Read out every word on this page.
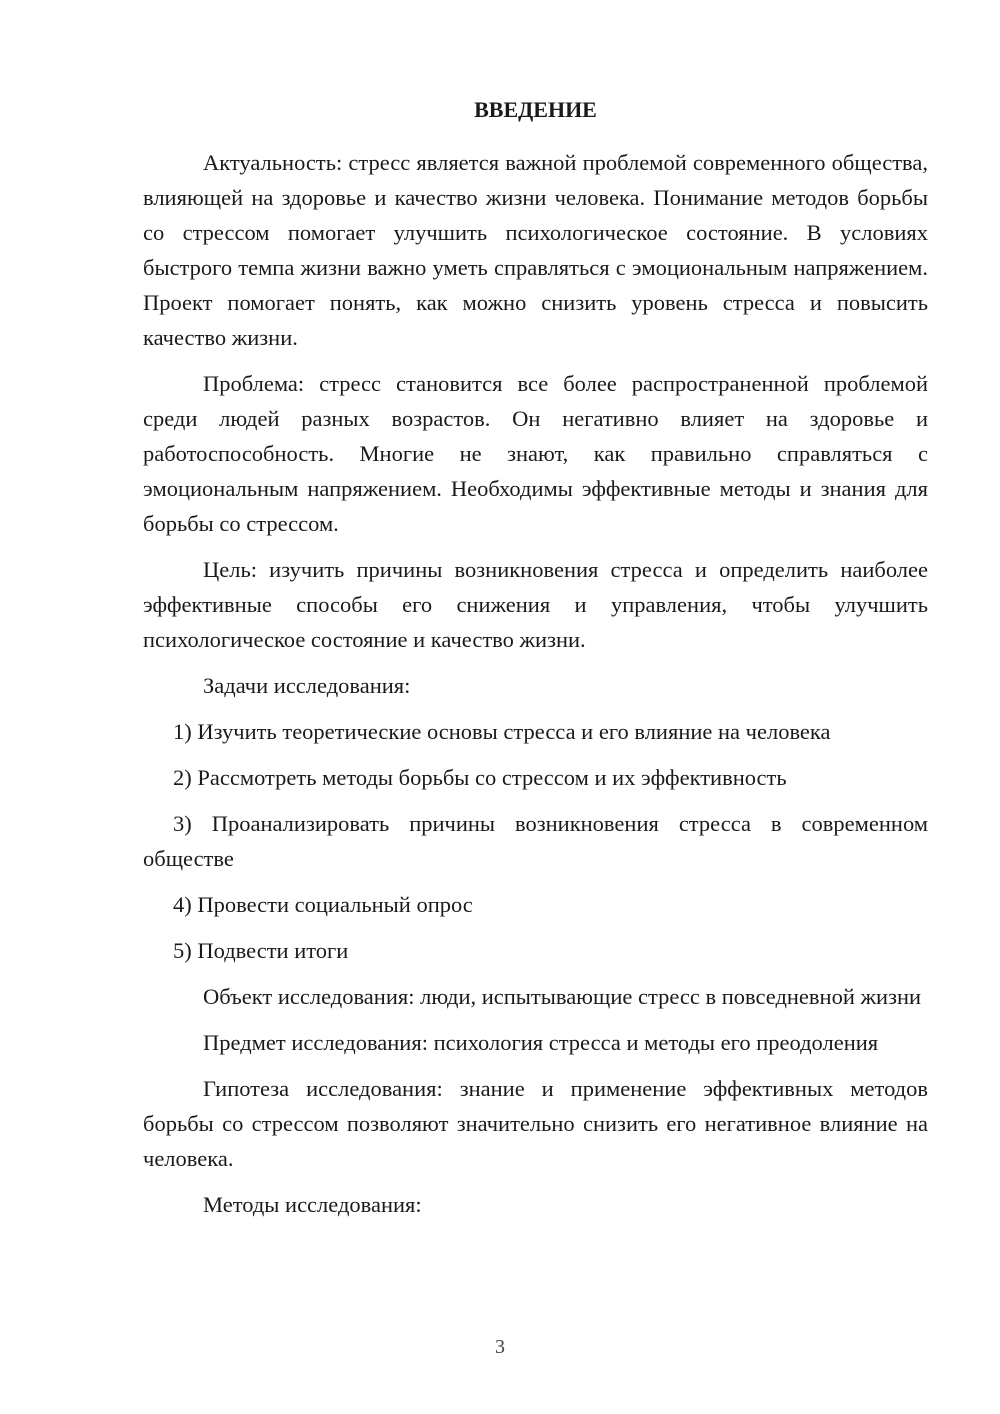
ВВЕДЕНИЕ

Актуальность: стресс является важной проблемой современного общества, влияющей на здоровье и качество жизни человека. Понимание методов борьбы со стрессом помогает улучшить психологическое состояние. В условиях быстрого темпа жизни важно уметь справляться с эмоциональным напряжением. Проект помогает понять, как можно снизить уровень стресса и повысить качество жизни.

Проблема: стресс становится все более распространенной проблемой среди людей разных возрастов. Он негативно влияет на здоровье и работоспособность. Многие не знают, как правильно справляться с эмоциональным напряжением. Необходимы эффективные методы и знания для борьбы со стрессом.

Цель: изучить причины возникновения стресса и определить наиболее эффективные способы его снижения и управления, чтобы улучшить психологическое состояние и качество жизни.

Задачи исследования:

1) Изучить теоретические основы стресса и его влияние на человека

2) Рассмотреть методы борьбы со стрессом и их эффективность

3) Проанализировать причины возникновения стресса в современном обществе

4) Провести социальный опрос

5) Подвести итоги

Объект исследования: люди, испытывающие стресс в повседневной жизни

Предмет исследования: психология стресса и методы его преодоления

Гипотеза исследования: знание и применение эффективных методов борьбы со стрессом позволяют значительно снизить его негативное влияние на человека.

Методы исследования:

3
